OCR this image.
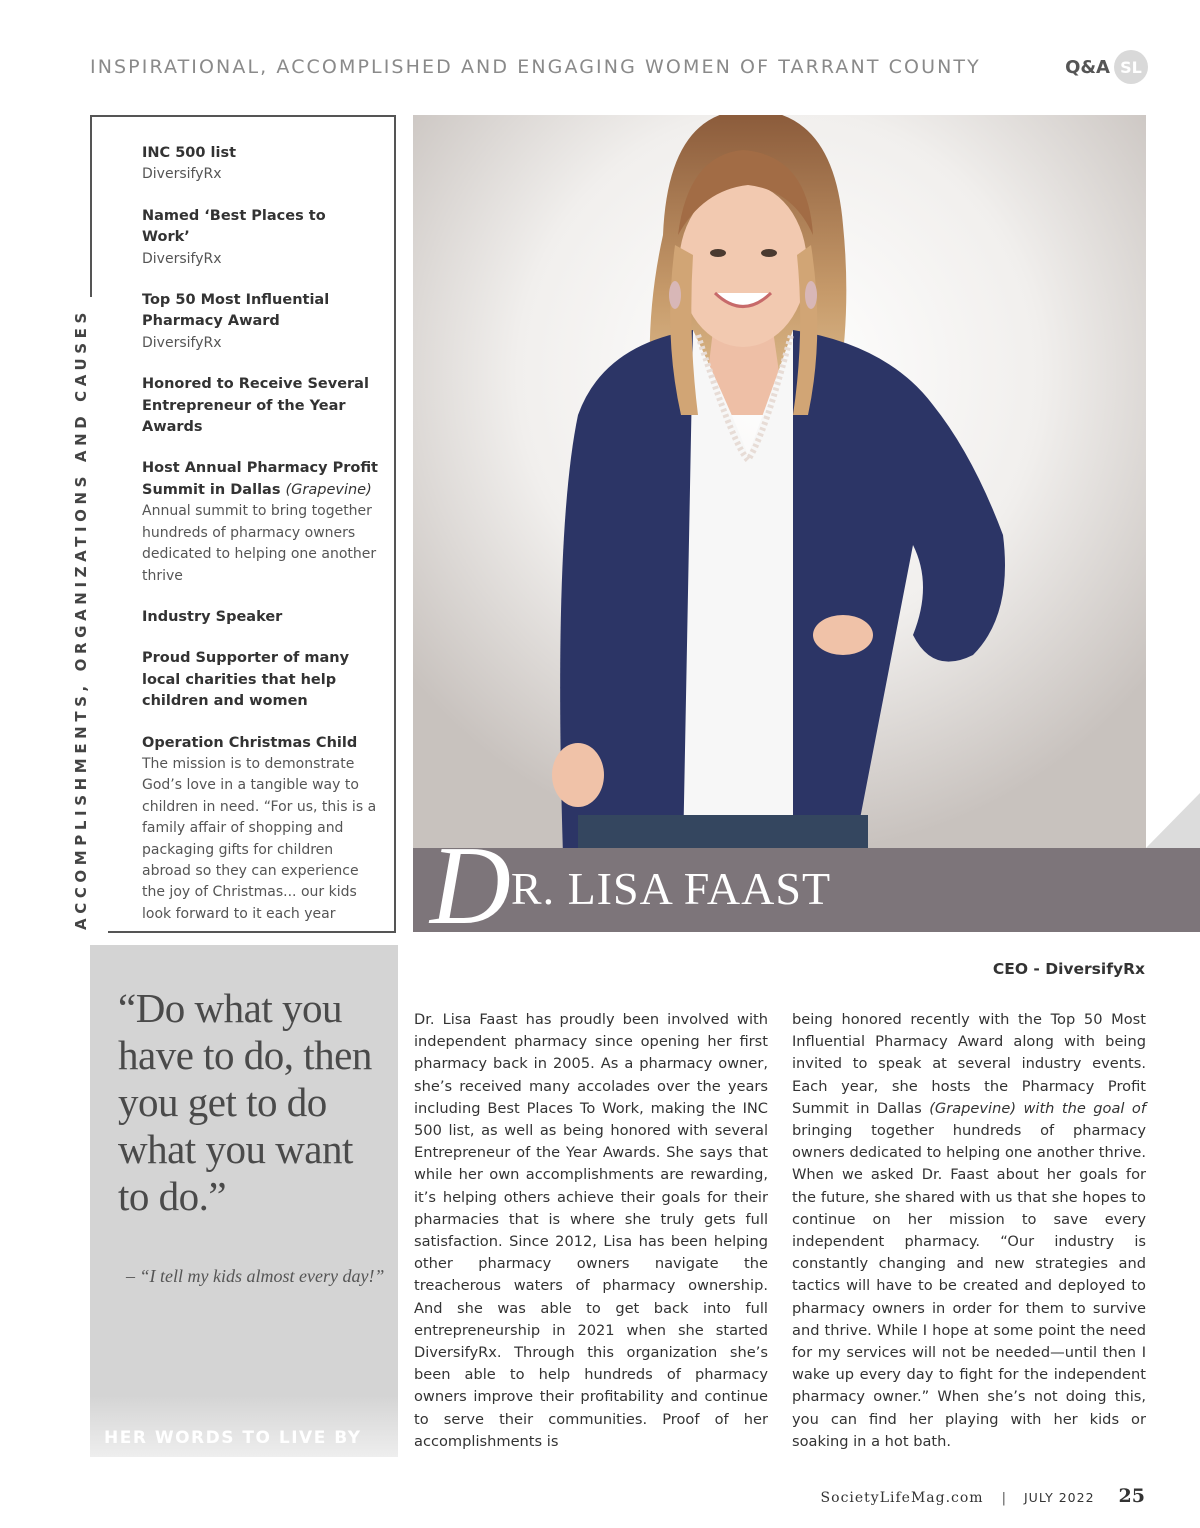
INSPIRATIONAL, ACCOMPLISHED AND ENGAGING WOMEN OF TARRANT COUNTY	Q&A SL
ACCOMPLISHMENTS, ORGANIZATIONS AND CAUSES
INC 500 list
DiversifyRx
Named ‘Best Places to Work’
DiversifyRx
Top 50 Most Influential Pharmacy Award
DiversifyRx
Honored to Receive Several Entrepreneur of the Year Awards
Host Annual Pharmacy Profit Summit in Dallas (Grapevine)
Annual summit to bring together hundreds of pharmacy owners dedicated to helping one another thrive
Industry Speaker
Proud Supporter of many local charities that help children and women
Operation Christmas Child
The mission is to demonstrate God’s love in a tangible way to children in need. “For us, this is a family affair of shopping and packaging gifts for children abroad so they can experience the joy of Christmas... our kids look forward to it each year DR. LISA FAAST
“Do what you have to do, then you get to do what you want to do.”
– “I tell my kids almost every day!”
HER WORDS TO LIVE BY
CEO - DiversifyRx

Dr. Lisa Faast has proudly been involved with independent pharmacy since opening her first pharmacy back in 2005. As a pharmacy owner, she’s received many accolades over the years including Best Places To Work, making the INC 500 list, as well as being honored with several Entrepreneur of the Year Awards. She says that while her own accomplishments are rewarding, it’s helping others achieve their goals for their pharmacies that is where she truly gets full satisfaction. Since 2012, Lisa has been helping other pharmacy owners navigate the treacherous waters of pharmacy ownership. And she was able to get back into full entrepreneurship in 2021 when she started DiversifyRx. Through this organization she’s been able to help hundreds of pharmacy owners improve their profitability and continue to serve their communities. Proof of her accomplishments is

being honored recently with the Top 50 Most Influential Pharmacy Award along with being invited to speak at several industry events. Each year, she hosts the Pharmacy Profit Summit in Dallas (Grapevine) with the goal of bringing together hundreds of pharmacy owners dedicated to helping one another thrive. When we asked Dr. Faast about her goals for the future, she shared with us that she hopes to continue on her mission to save every independent pharmacy. “Our industry is constantly changing and new strategies and tactics will have to be created and deployed to pharmacy owners in order for them to survive and thrive. While I hope at some point the need for my services will not be needed—until then I wake up every day to fight for the independent pharmacy owner.” When she’s not doing this, you can find her playing with her kids or soaking in a hot bath.

SocietyLifeMag.com | JULY 2022 25
